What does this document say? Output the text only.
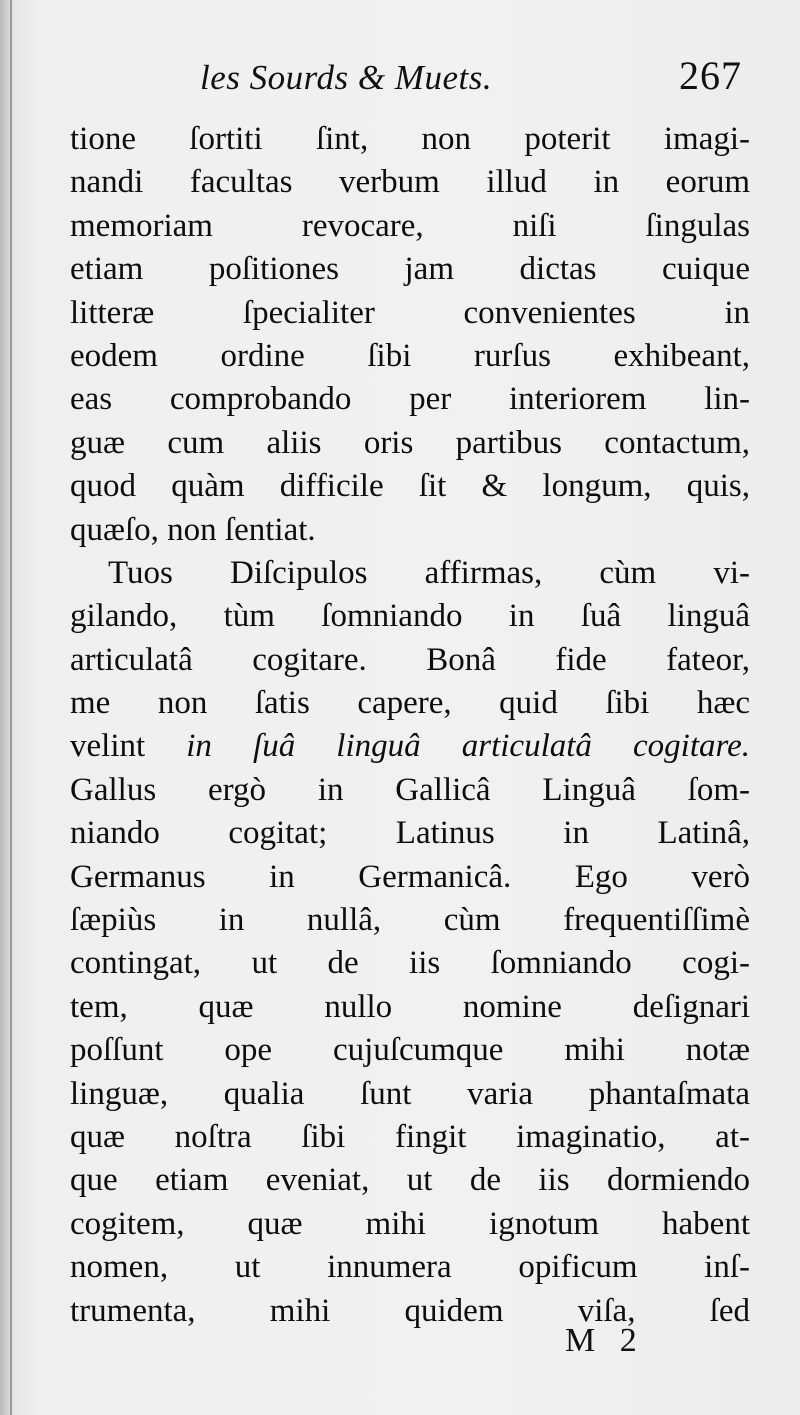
les Sourds & Muets.	267
tione ſortiti ſint, non poterit imagi-
nandi facultas verbum illud in eorum
memoriam revocare, niſi ſingulas
etiam poſitiones jam dictas cuique
litteræ ſpecialiter convenientes in
eodem ordine ſibi rurſus exhibeant,
eas comprobando per interiorem lin-
guæ cum aliis oris partibus contactum,
quod quàm difficile ſit & longum, quis,
quæſo, non ſentiat.
Tuos Diſcipulos affirmas, cùm vi-
gilando, tùm ſomniando in ſuâ linguâ
articulatâ cogitare. Bonâ fide fateor,
me non ſatis capere, quid ſibi hæc
velint in ſuâ linguâ articulatâ cogitare.
Gallus ergò in Gallicâ Linguâ ſom-
niando cogitat; Latinus in Latinâ,
Germanus in Germanicâ. Ego verò
ſæpiùs in nullâ, cùm frequentiſſimè
contingat, ut de iis ſomniando cogi-
tem, quæ nullo nomine deſignari
poſſunt ope cujuſcumque mihi notæ
linguæ, qualia ſunt varia phantaſmata
quæ noſtra ſibi fingit imaginatio, at-
que etiam eveniat, ut de iis dormiendo
cogitem, quæ mihi ignotum habent
nomen, ut innumera opificum inſ-
trumenta, mihi quidem viſa, ſed
M 2
